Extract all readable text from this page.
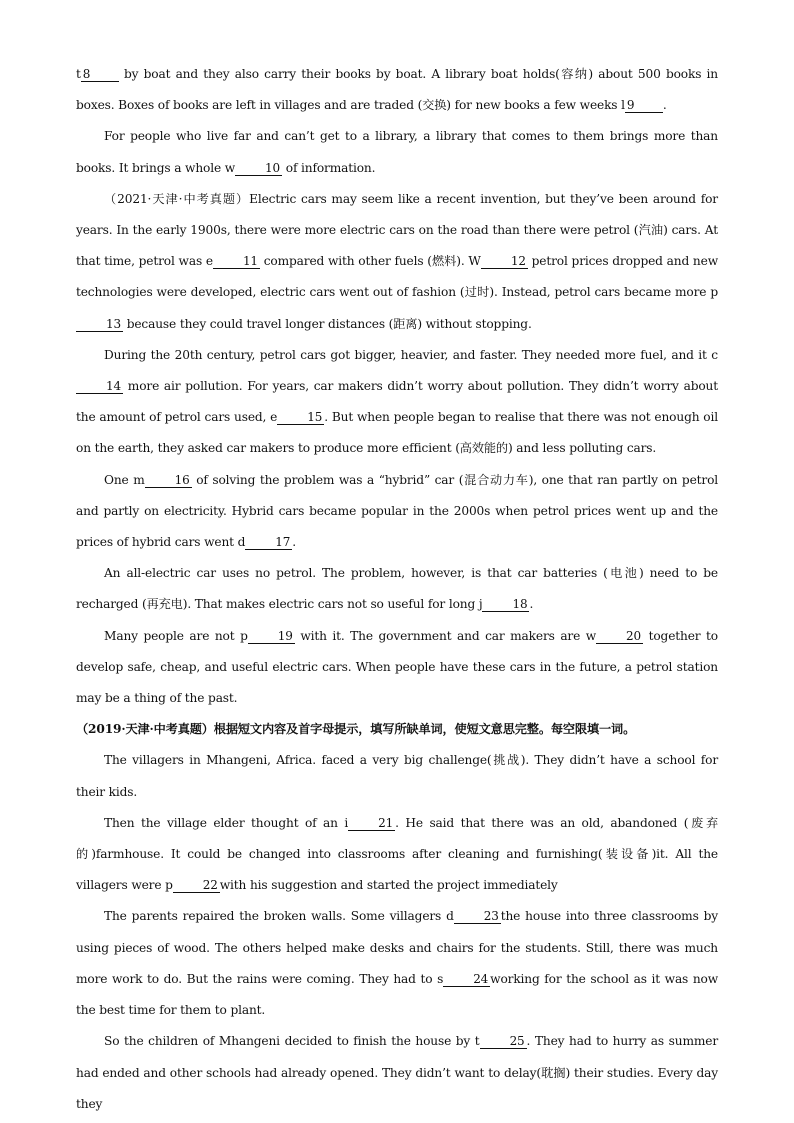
t 8	by boat and they also carry their books by boat. A library boat holds(容纳) about 500 books in boxes. Boxes of books are left in villages and are traded (交换) for new books a few weeks l 9 .

For people who live far and can’t get to a library, a library that comes to them brings more than books. It brings a whole w	10 of information.

（2021·天津·中考真题）Electric cars may seem like a recent invention, but they’ve been around for years. In the early 1900s, there were more electric cars on the road than there were petrol (汽油) cars. At that time, petrol was e	11 compared with other fuels (燃料). W	12 petrol prices dropped and new technologies were developed, electric cars went out of fashion (过时). Instead, petrol cars became more p13 because they could travel longer distances (距离) without stopping.

During the 20th century, petrol cars got bigger, heavier, and faster. They needed more fuel, and it c14 more air pollution. For years, car makers didn’t worry about pollution. They didn’t worry about the amount of petrol cars used, e	15 . But when people began to realise that there was not enough oil on the earth, they asked car makers to produce more efficient (高效能的) and less polluting cars.

One m	16 of solving the problem was a “hybrid” car (混合动力车), one that ran partly on petrol and partly on electricity. Hybrid cars became popular in the 2000s when petrol prices went up and the prices of hybrid cars went d	17 .

An all-electric car uses no petrol. The problem, however, is that car batteries (电池) need to be recharged (再充电). That makes electric cars not so useful for long j	18 .

Many people are not p	19 with it. The government and car makers are w	20 together to develop safe, cheap, and useful electric cars. When people have these cars in the future, a petrol station may be a thing of the past.

（2019·天津·中考真题）根据短文内容及首字母提示，填写所缺单词，使短文意思完整。每空限填一词。

The villagers in Mhangeni, Africa. faced a very big challenge(挑战). They didn’t have a school for their kids.

Then the village elder thought of an i	21 . He said that there was an old, abandoned (废弃的)farmhouse. It could be changed into classrooms after cleaning and furnishing(装设备)it. All the villagers were p	22 with his suggestion and started the project immediately

The parents repaired the broken walls. Some villagers d	23 the house into three classrooms by using pieces of wood. The others helped make desks and chairs for the students. Still, there was much more work to do. But the rains were coming. They had to s	24 working for the school as it was now the best time for them to plant.

So the children of Mhangeni decided to finish the house by t	25 . They had to hurry as summer had ended and other schools had already opened. They didn’t want to delay(耽搁) their studies. Every day they
